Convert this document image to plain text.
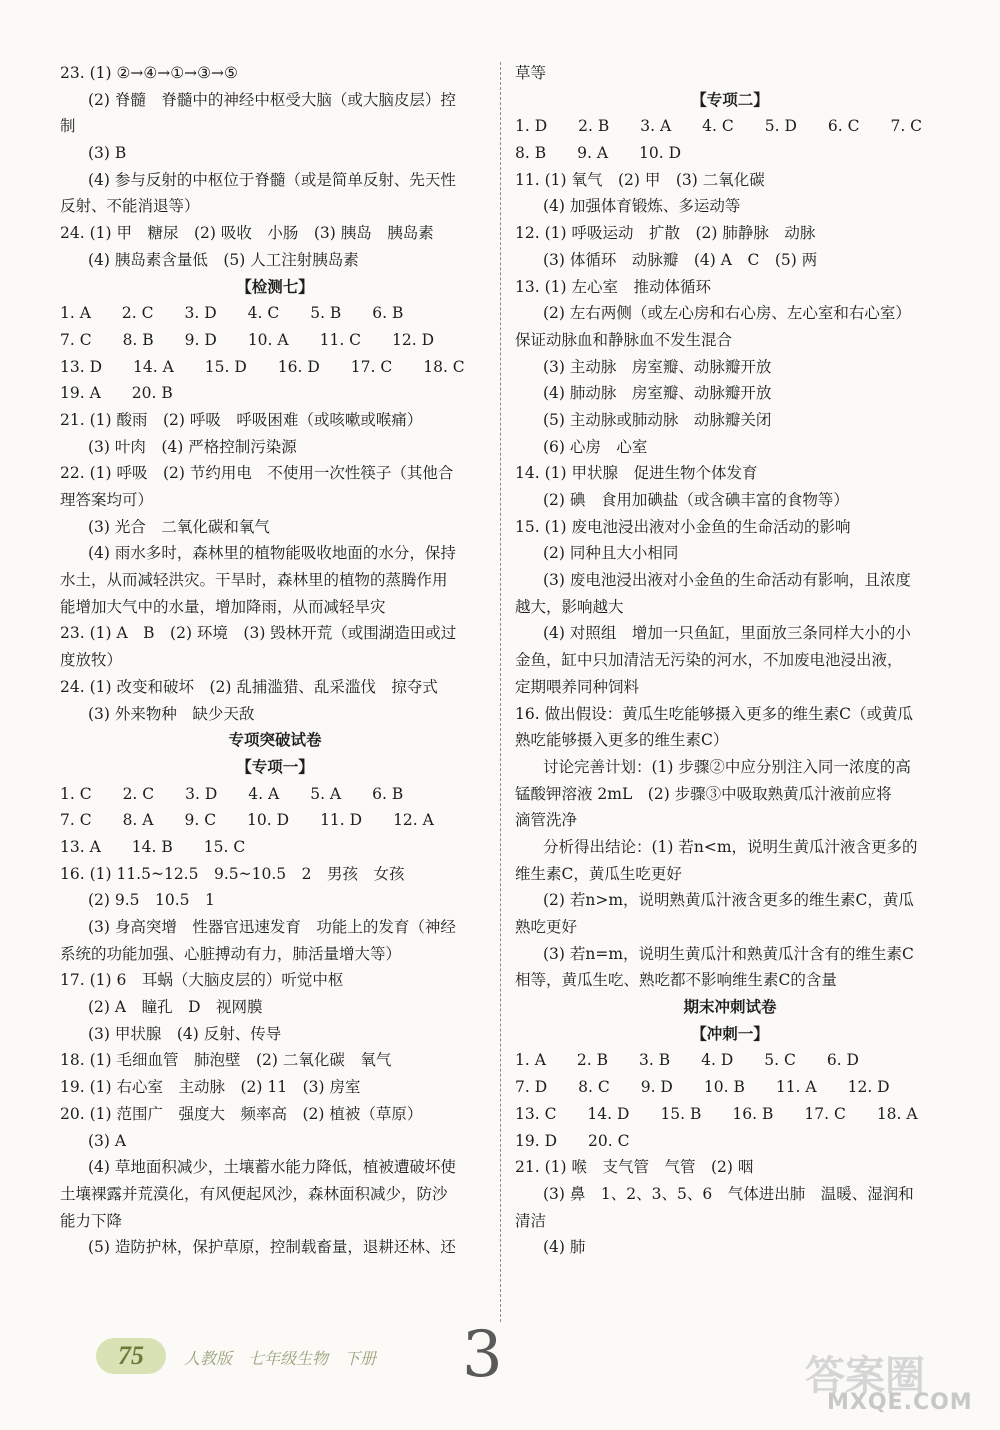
23. (1) ②→④→①→③→⑤
(2) 脊髓　脊髓中的神经中枢受大脑（或大脑皮层）控
制
(3) B
(4) 参与反射的中枢位于脊髓（或是简单反射、先天性
反射、不能消退等）
24. (1) 甲　糖尿　(2) 吸收　小肠　(3) 胰岛　胰岛素
(4) 胰岛素含量低　(5) 人工注射胰岛素
【检测七】
1. A　　2. C　　3. D　　4. C　　5. B　　6. B
7. C　　8. B　　9. D　　10. A　　11. C　　12. D
13. D　　14. A　　15. D　　16. D　　17. C　　18. C
19. A　　20. B
21. (1) 酸雨　(2) 呼吸　呼吸困难（或咳嗽或喉痛）
(3) 叶肉　(4) 严格控制污染源
22. (1) 呼吸　(2) 节约用电　不使用一次性筷子（其他合
理答案均可）
(3) 光合　二氧化碳和氧气
(4) 雨水多时，森林里的植物能吸收地面的水分，保持
水土，从而减轻洪灾。干旱时，森林里的植物的蒸腾作用
能增加大气中的水量，增加降雨，从而减轻旱灾
23. (1) A　B　(2) 环境　(3) 毁林开荒（或围湖造田或过
度放牧）
24. (1) 改变和破坏　(2) 乱捕滥猎、乱采滥伐　掠夺式
(3) 外来物种　缺少天敌
专项突破试卷
【专项一】
1. C　　2. C　　3. D　　4. A　　5. A　　6. B
7. C　　8. A　　9. C　　10. D　　11. D　　12. A
13. A　　14. B　　15. C
16. (1) 11.5~12.5　9.5~10.5　2　男孩　女孩
(2) 9.5　10.5　1
(3) 身高突增　性器官迅速发育　功能上的发育（神经
系统的功能加强、心脏搏动有力，肺活量增大等）
17. (1) 6　耳蜗（大脑皮层的）听觉中枢
(2) A　瞳孔　D　视网膜
(3) 甲状腺　(4) 反射、传导
18. (1) 毛细血管　肺泡壁　(2) 二氧化碳　氧气
19. (1) 右心室　主动脉　(2) 11　(3) 房室
20. (1) 范围广　强度大　频率高　(2) 植被（草原）
(3) A
(4) 草地面积减少，土壤蓄水能力降低，植被遭破坏使
土壤裸露并荒漠化，有风便起风沙，森林面积减少，防沙
能力下降
(5) 造防护林，保护草原，控制载畜量，退耕还林、还
草等
【专项二】
1. D　　2. B　　3. A　　4. C　　5. D　　6. C　　7. C
8. B　　9. A　　10. D
11. (1) 氧气　(2) 甲　(3) 二氧化碳
(4) 加强体育锻炼、多运动等
12. (1) 呼吸运动　扩散　(2) 肺静脉　动脉
(3) 体循环　动脉瓣　(4) A　C　(5) 两
13. (1) 左心室　推动体循环
(2) 左右两侧（或左心房和右心房、左心室和右心室）
保证动脉血和静脉血不发生混合
(3) 主动脉　房室瓣、动脉瓣开放
(4) 肺动脉　房室瓣、动脉瓣开放
(5) 主动脉或肺动脉　动脉瓣关闭
(6) 心房　心室
14. (1) 甲状腺　促进生物个体发育
(2) 碘　食用加碘盐（或含碘丰富的食物等）
15. (1) 废电池浸出液对小金鱼的生命活动的影响
(2) 同种且大小相同
(3) 废电池浸出液对小金鱼的生命活动有影响，且浓度
越大，影响越大
(4) 对照组　增加一只鱼缸，里面放三条同样大小的小
金鱼，缸中只加清洁无污染的河水，不加废电池浸出液，
定期喂养同种饲料
16. 做出假设：黄瓜生吃能够摄入更多的维生素C（或黄瓜
熟吃能够摄入更多的维生素C）
讨论完善计划：(1) 步骤②中应分别注入同一浓度的高
锰酸钾溶液 2mL　(2) 步骤③中吸取熟黄瓜汁液前应将
滴管洗净
分析得出结论：(1) 若n<m，说明生黄瓜汁液含更多的
维生素C，黄瓜生吃更好
(2) 若n>m，说明熟黄瓜汁液含更多的维生素C，黄瓜
熟吃更好
(3) 若n=m，说明生黄瓜汁和熟黄瓜汁含有的维生素C
相等，黄瓜生吃、熟吃都不影响维生素C的含量
期末冲刺试卷
【冲刺一】
1. A　　2. B　　3. B　　4. D　　5. C　　6. D
7. D　　8. C　　9. D　　10. B　　11. A　　12. D
13. C　　14. D　　15. B　　16. B　　17. C　　18. A
19. D　　20. C
21. (1) 喉　支气管　气管　(2) 咽
(3) 鼻　1、2、3、5、6　气体进出肺　温暖、湿润和
清洁
(4) 肺
75	人教版　七年级生物　下册 3	答案圈
MXQE.COM
